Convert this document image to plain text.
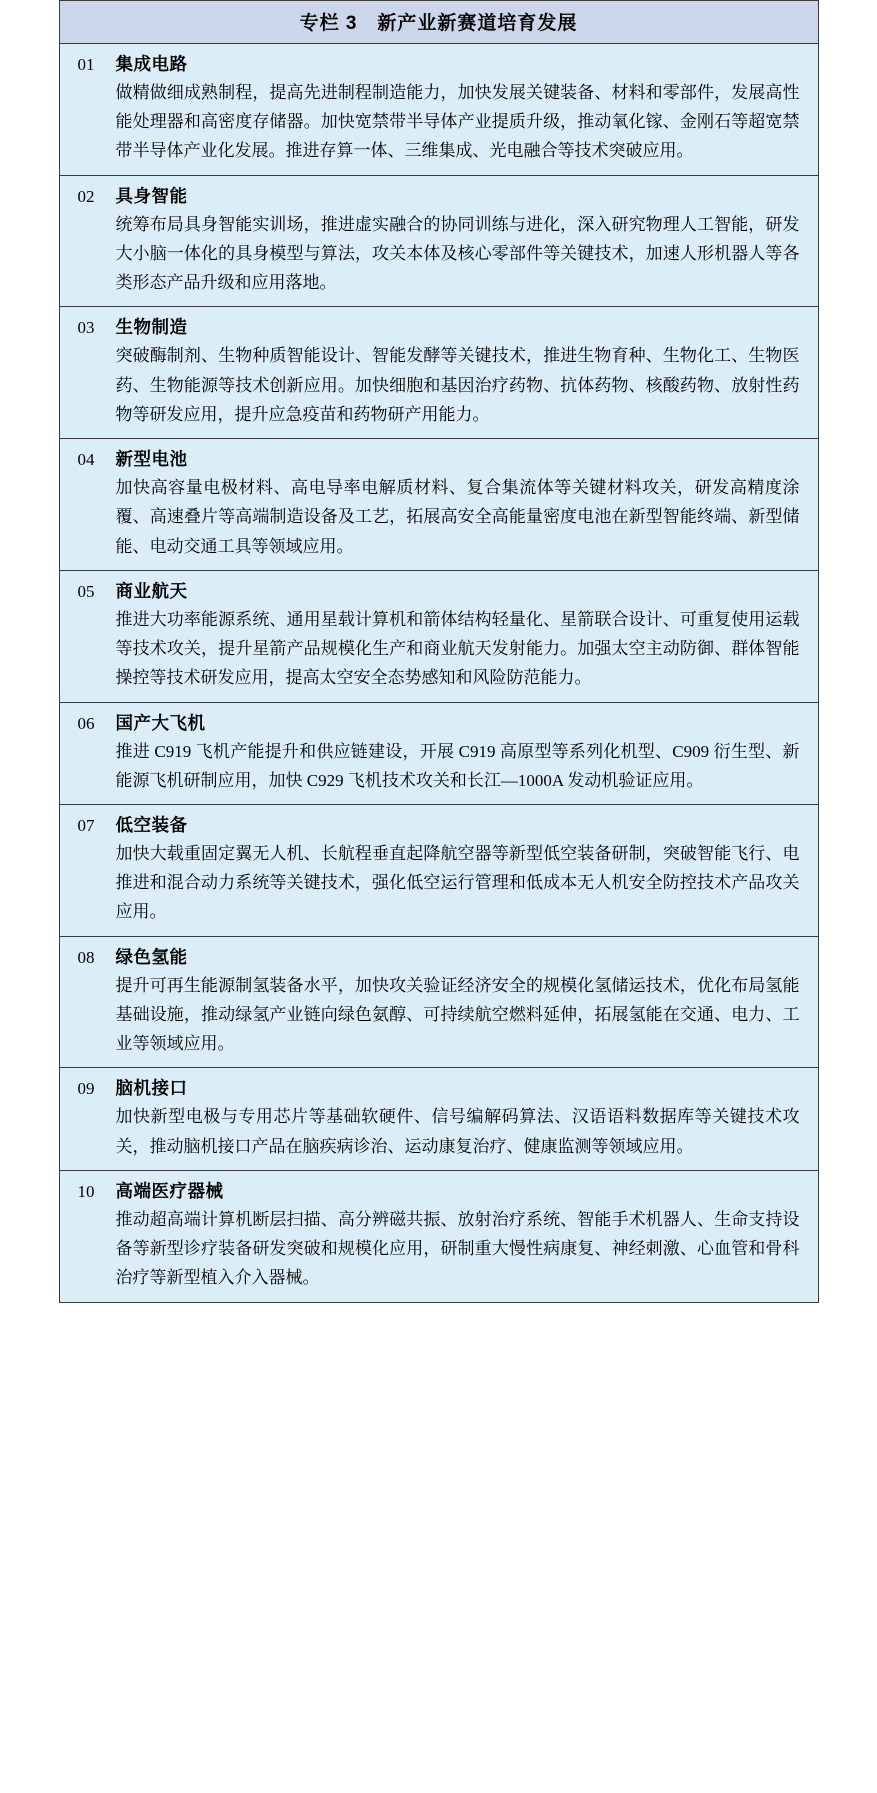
专栏 3　新产业新赛道培育发展
01	集成电路
做精做细成熟制程，提高先进制程制造能力，加快发展关键装备、材料和零部件，发展高性能处理器和高密度存储器。加快宽禁带半导体产业提质升级，推动氧化镓、金刚石等超宽禁带半导体产业化发展。推进存算一体、三维集成、光电融合等技术突破应用。
02	具身智能
统筹布局具身智能实训场，推进虚实融合的协同训练与进化，深入研究物理人工智能，研发大小脑一体化的具身模型与算法，攻关本体及核心零部件等关键技术，加速人形机器人等各类形态产品升级和应用落地。
03	生物制造
突破酶制剂、生物种质智能设计、智能发酵等关键技术，推进生物育种、生物化工、生物医药、生物能源等技术创新应用。加快细胞和基因治疗药物、抗体药物、核酸药物、放射性药物等研发应用，提升应急疫苗和药物研产用能力。
04	新型电池
加快高容量电极材料、高电导率电解质材料、复合集流体等关键材料攻关，研发高精度涂覆、高速叠片等高端制造设备及工艺，拓展高安全高能量密度电池在新型智能终端、新型储能、电动交通工具等领域应用。
05	商业航天
推进大功率能源系统、通用星载计算机和箭体结构轻量化、星箭联合设计、可重复使用运载等技术攻关，提升星箭产品规模化生产和商业航天发射能力。加强太空主动防御、群体智能操控等技术研发应用，提高太空安全态势感知和风险防范能力。
06	国产大飞机
推进 C919 飞机产能提升和供应链建设，开展 C919 高原型等系列化机型、C909 衍生型、新能源飞机研制应用，加快 C929 飞机技术攻关和长江—1000A 发动机验证应用。
07	低空装备
加快大载重固定翼无人机、长航程垂直起降航空器等新型低空装备研制，突破智能飞行、电推进和混合动力系统等关键技术，强化低空运行管理和低成本无人机安全防控技术产品攻关应用。
08	绿色氢能
提升可再生能源制氢装备水平，加快攻关验证经济安全的规模化氢储运技术，优化布局氢能基础设施，推动绿氢产业链向绿色氨醇、可持续航空燃料延伸，拓展氢能在交通、电力、工业等领域应用。
09	脑机接口
加快新型电极与专用芯片等基础软硬件、信号编解码算法、汉语语料数据库等关键技术攻关，推动脑机接口产品在脑疾病诊治、运动康复治疗、健康监测等领域应用。
10	高端医疗器械
推动超高端计算机断层扫描、高分辨磁共振、放射治疗系统、智能手术机器人、生命支持设备等新型诊疗装备研发突破和规模化应用，研制重大慢性病康复、神经刺激、心血管和骨科治疗等新型植入介入器械。
